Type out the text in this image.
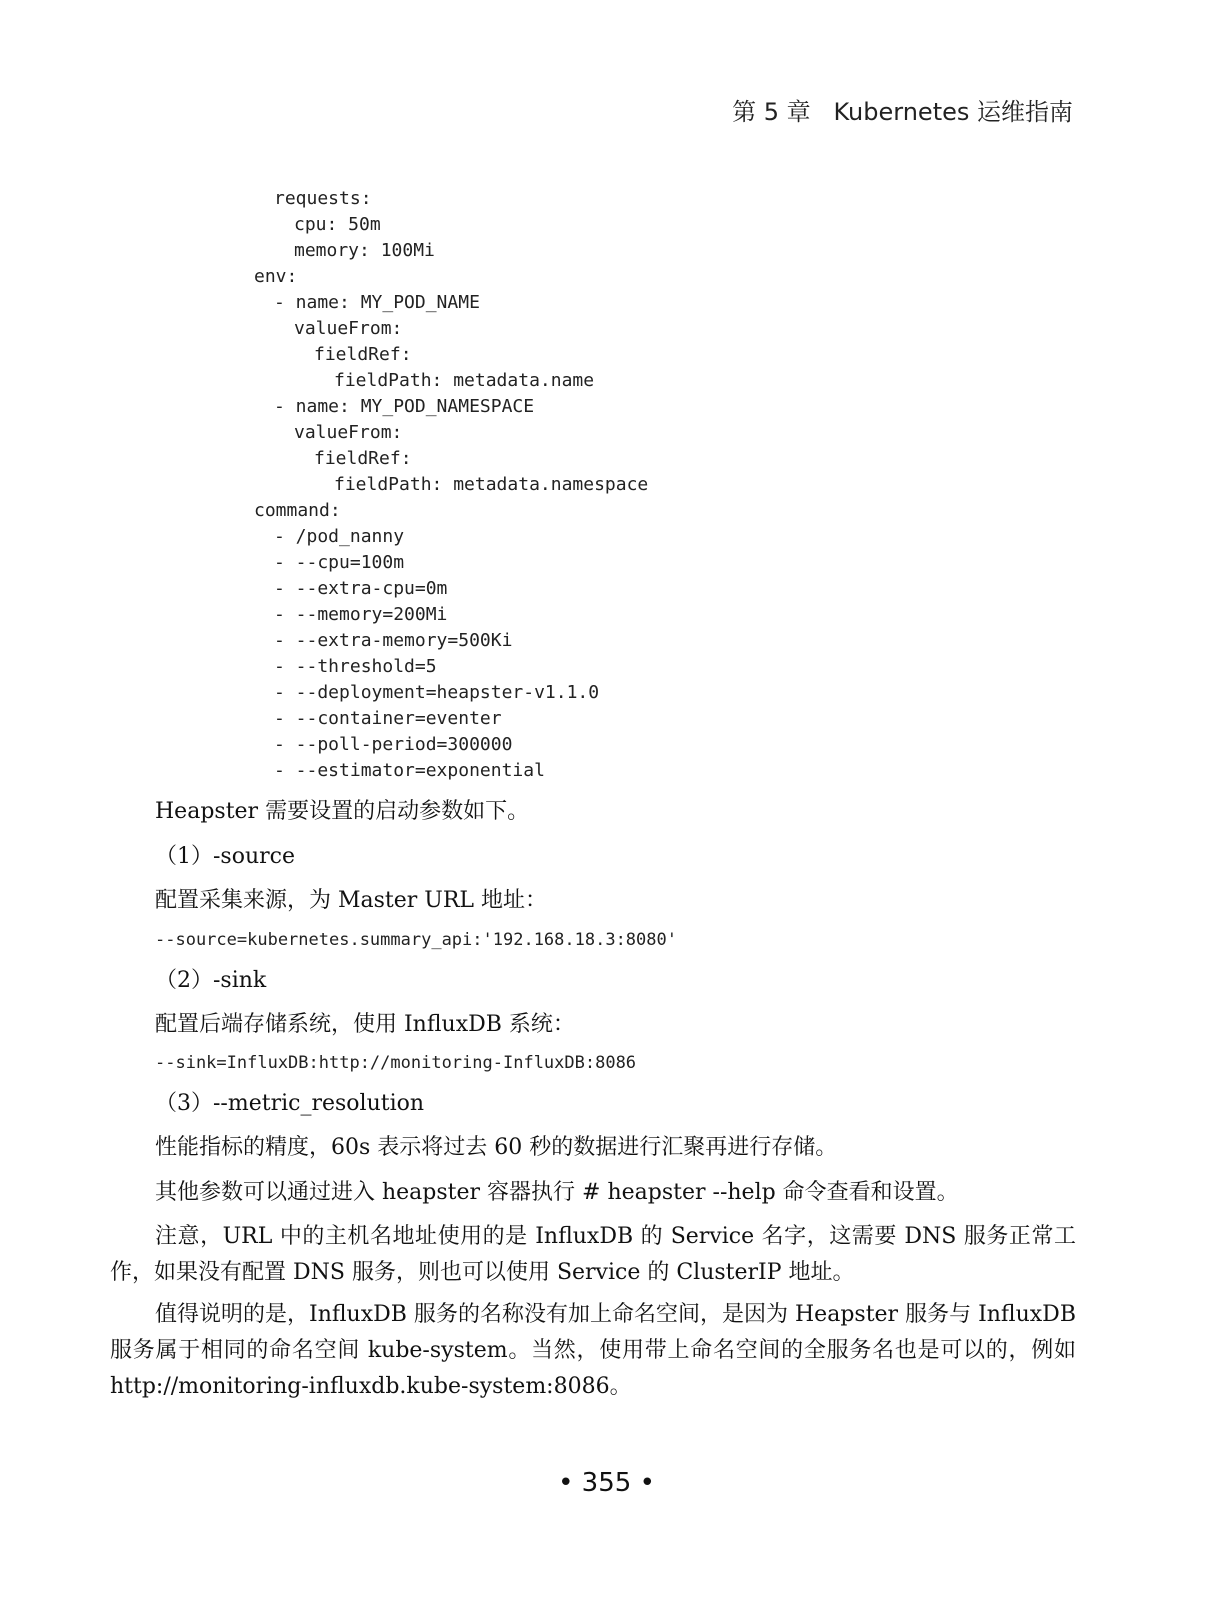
第 5 章 Kubernetes 运维指南
requests:
cpu: 50m
memory: 100Mi
env:
- name: MY_POD_NAME
valueFrom:
fieldRef:
fieldPath: metadata.name
- name: MY_POD_NAMESPACE
valueFrom:
fieldRef:
fieldPath: metadata.namespace
command:
- /pod_nanny
- --cpu=100m
- --extra-cpu=0m
- --memory=200Mi
- --extra-memory=500Ki
- --threshold=5
- --deployment=heapster-v1.1.0
- --container=eventer
- --poll-period=300000
- --estimator=exponential
Heapster 需要设置的启动参数如下。
（1）-source
配置采集来源，为 Master URL 地址：
--source=kubernetes.summary_api:'192.168.18.3:8080'
（2）-sink
配置后端存储系统，使用 InfluxDB 系统：
--sink=InfluxDB:http://monitoring-InfluxDB:8086
（3）--metric_resolution
性能指标的精度，60s 表示将过去 60 秒的数据进行汇聚再进行存储。
其他参数可以通过进入 heapster 容器执行 # heapster --help 命令查看和设置。
注意，URL 中的主机名地址使用的是 InfluxDB 的 Service 名字，这需要 DNS 服务正常工作，如果没有配置 DNS 服务，则也可以使用 Service 的 ClusterIP 地址。
值得说明的是，InfluxDB 服务的名称没有加上命名空间，是因为 Heapster 服务与 InfluxDB 服务属于相同的命名空间 kube-system。当然，使用带上命名空间的全服务名也是可以的，例如 http://monitoring-influxdb.kube-system:8086。
• 355 •
